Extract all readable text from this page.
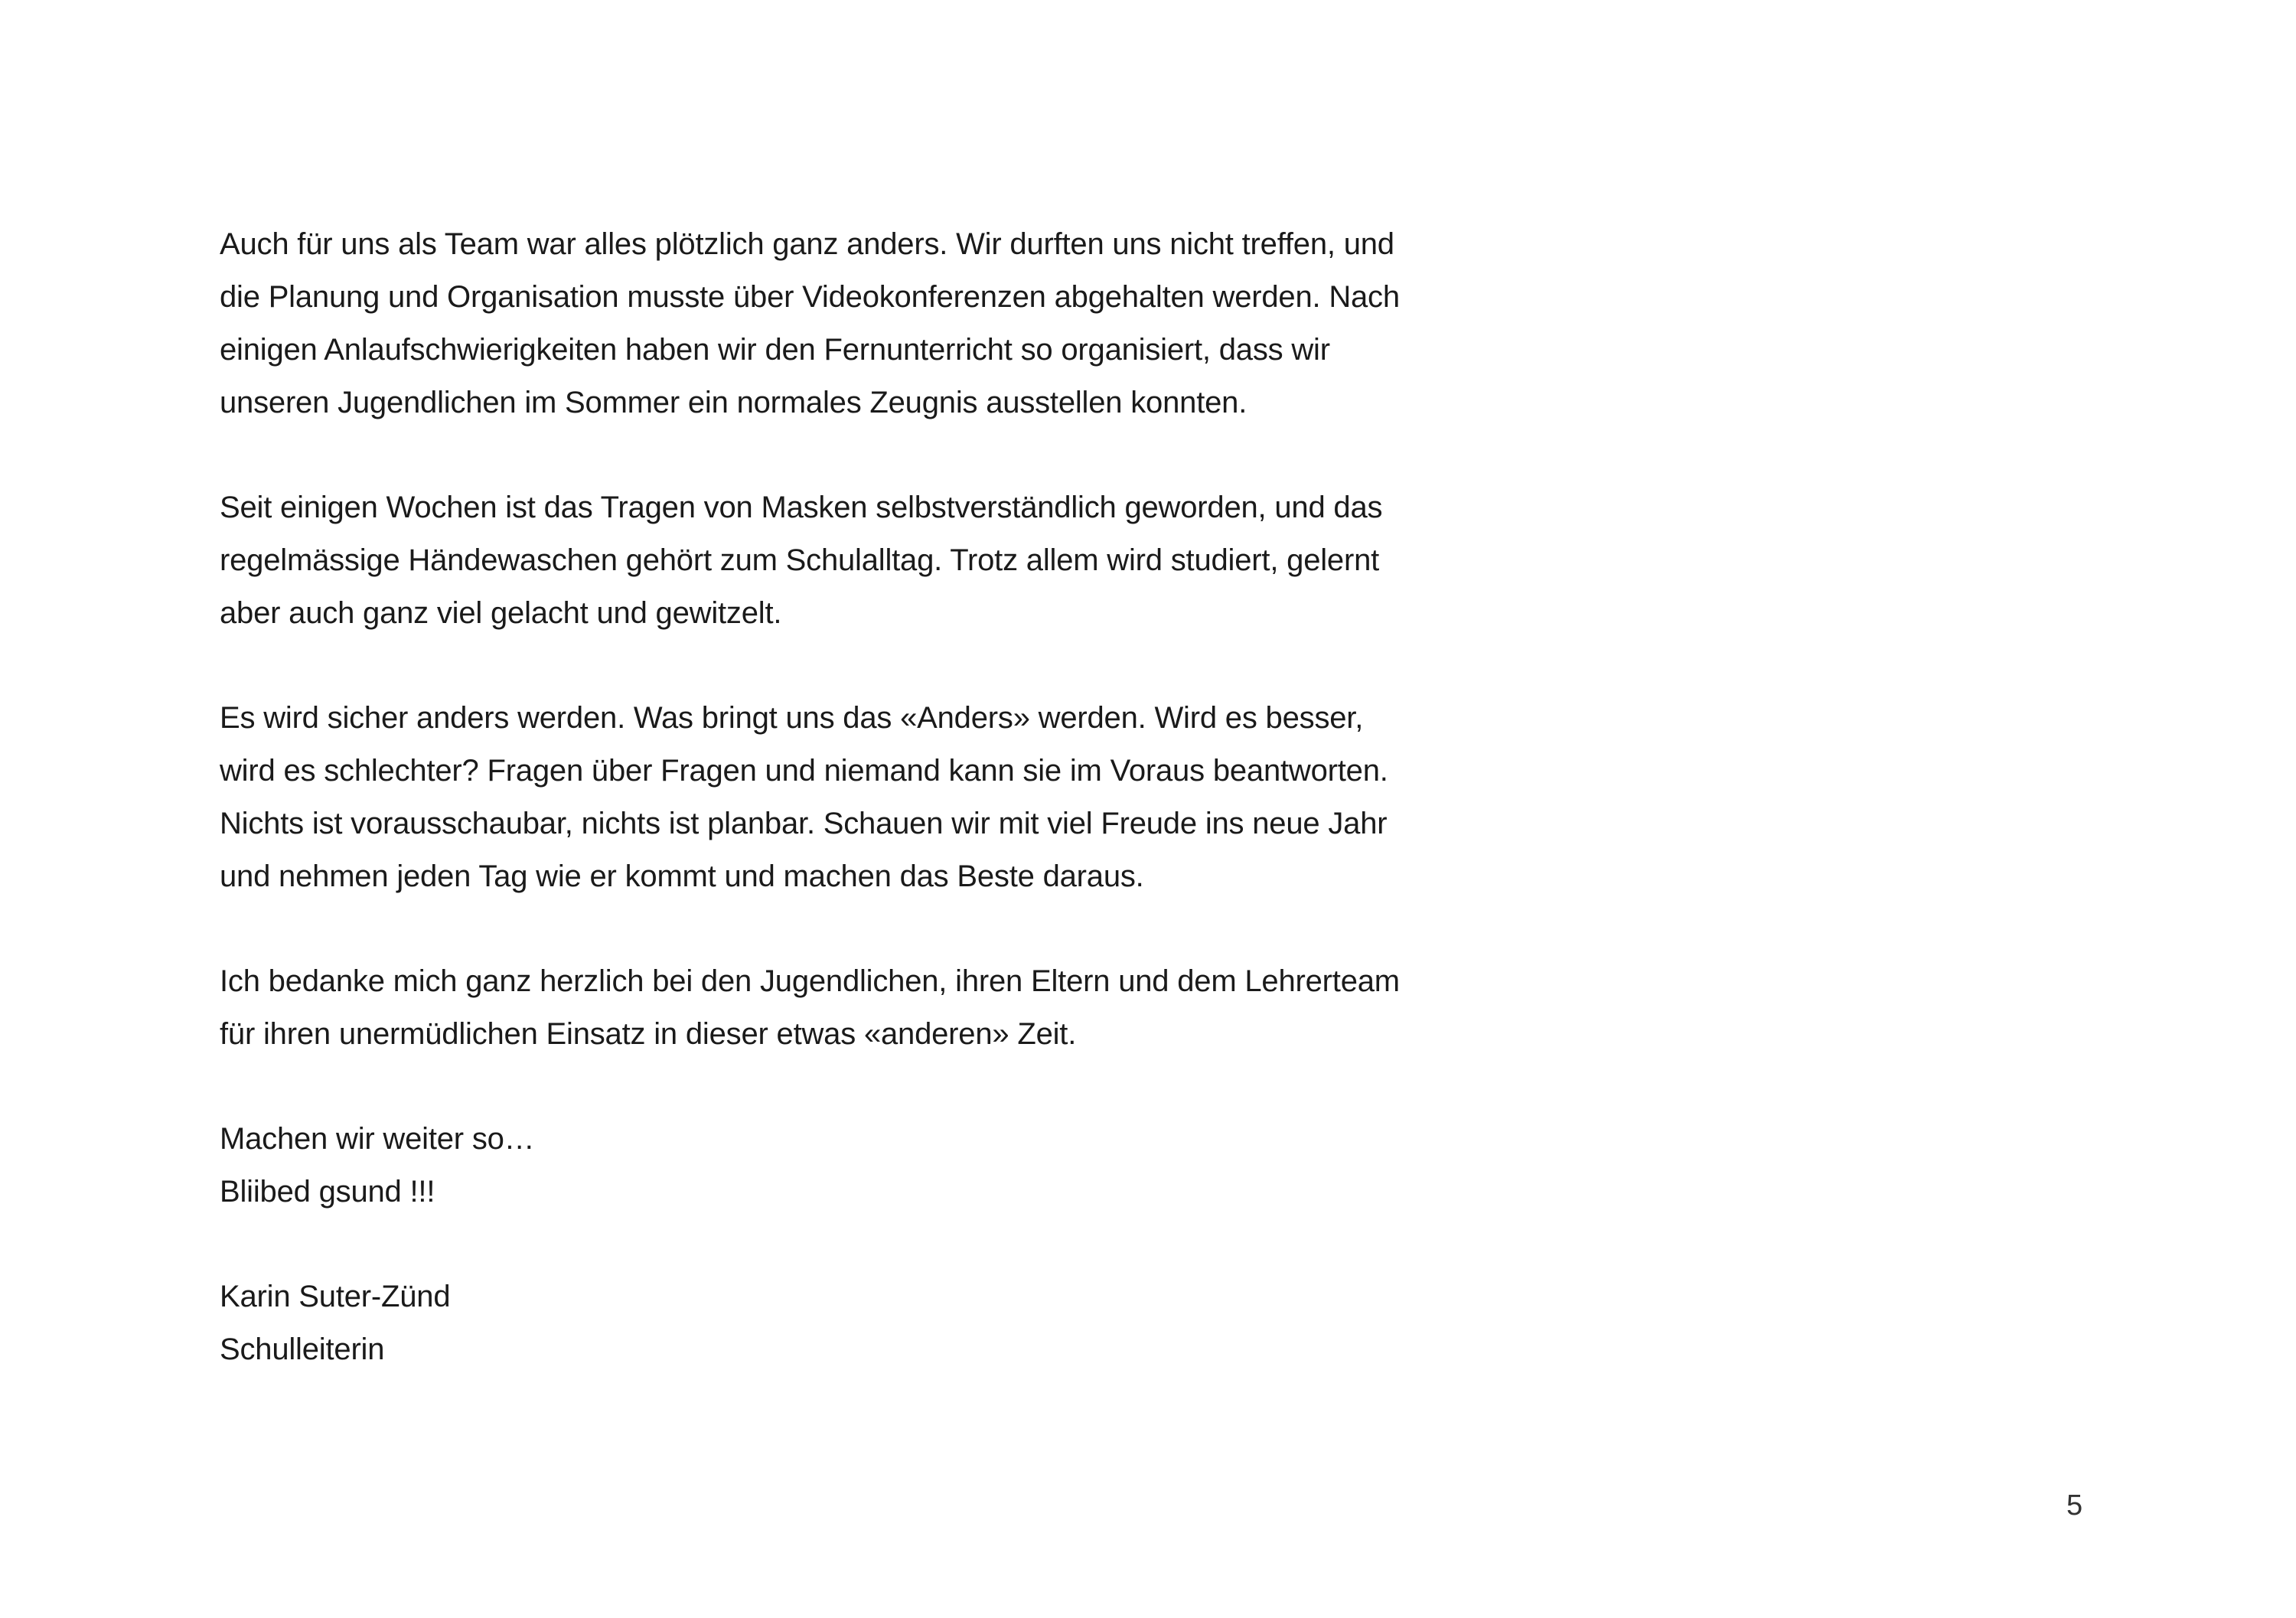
Auch für uns als Team war alles plötzlich ganz anders. Wir durften uns nicht treffen, und
die Planung und Organisation musste über Videokonferenzen abgehalten werden. Nach
einigen Anlaufschwierigkeiten haben wir den Fernunterricht so organisiert, dass wir
unseren Jugendlichen im Sommer ein normales Zeugnis ausstellen konnten.

Seit einigen Wochen ist das Tragen von Masken selbstverständlich geworden, und das
regelmässige Händewaschen gehört zum Schulalltag. Trotz allem wird studiert, gelernt
aber auch ganz viel gelacht und gewitzelt.

Es wird sicher anders werden. Was bringt uns das «Anders» werden. Wird es besser,
wird es schlechter? Fragen über Fragen und niemand kann sie im Voraus beantworten.
Nichts ist vorausschaubar, nichts ist planbar. Schauen wir mit viel Freude ins neue Jahr
und nehmen jeden Tag wie er kommt und machen das Beste daraus.

Ich bedanke mich ganz herzlich bei den Jugendlichen, ihren Eltern und dem Lehrerteam
für ihren unermüdlichen Einsatz in dieser etwas «anderen» Zeit.

Machen wir weiter so…
Bliibed gsund !!!

Karin Suter-Zünd
Schulleiterin

5
